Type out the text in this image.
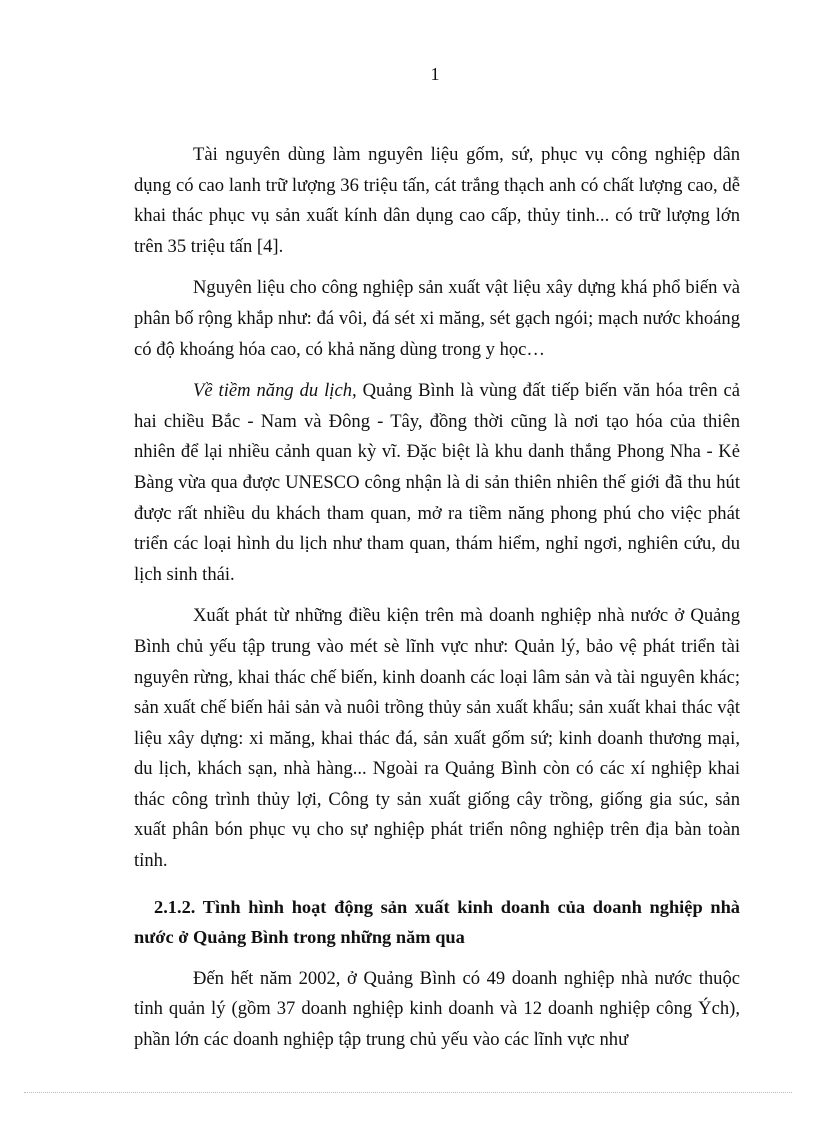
1

Tài nguyên dùng làm nguyên liệu gốm, sứ, phục vụ công nghiệp dân dụng có cao lanh trữ lượng 36 triệu tấn, cát trắng thạch anh có chất lượng cao, dễ khai thác phục vụ sản xuất kính dân dụng cao cấp, thủy tinh... có trữ lượng lớn trên 35 triệu tấn [4].

Nguyên liệu cho công nghiệp sản xuất vật liệu xây dựng khá phổ biến và phân bố rộng khắp như: đá vôi, đá sét xi măng, sét gạch ngói; mạch nước khoáng có độ khoáng hóa cao, có khả năng dùng trong y học…

Về tiềm năng du lịch, Quảng Bình là vùng đất tiếp biến văn hóa trên cả hai chiều Bắc - Nam và Đông - Tây, đồng thời cũng là nơi tạo hóa của thiên nhiên để lại nhiều cảnh quan kỳ vĩ. Đặc biệt là khu danh thắng Phong Nha - Kẻ Bàng vừa qua được UNESCO công nhận là di sản thiên nhiên thế giới đã thu hút được rất nhiều du khách tham quan, mở ra tiềm năng phong phú cho việc phát triển các loại hình du lịch như tham quan, thám hiểm, nghỉ ngơi, nghiên cứu, du lịch sinh thái.

Xuất phát từ những điều kiện trên mà doanh nghiệp nhà nước ở Quảng Bình chủ yếu tập trung vào mét sè lĩnh vực như: Quản lý, bảo vệ phát triển tài nguyên rừng, khai thác chế biến, kinh doanh các loại lâm sản và tài nguyên khác; sản xuất chế biến hải sản và nuôi trồng thủy sản xuất khẩu; sản xuất khai thác vật liệu xây dựng: xi măng, khai thác đá, sản xuất gốm sứ; kinh doanh thương mại, du lịch, khách sạn, nhà hàng... Ngoài ra Quảng Bình còn có các xí nghiệp khai thác công trình thủy lợi, Công ty sản xuất giống cây trồng, giống gia súc, sản xuất phân bón phục vụ cho sự nghiệp phát triển nông nghiệp trên địa bàn toàn tỉnh.

2.1.2. Tình hình hoạt động sản xuất kinh doanh của doanh nghiệp nhà nước ở Quảng Bình trong những năm qua

Đến hết năm 2002, ở Quảng Bình có 49 doanh nghiệp nhà nước thuộc tỉnh quản lý (gồm 37 doanh nghiệp kinh doanh và 12 doanh nghiệp công Ých), phần lớn các doanh nghiệp tập trung chủ yếu vào các lĩnh vực như
